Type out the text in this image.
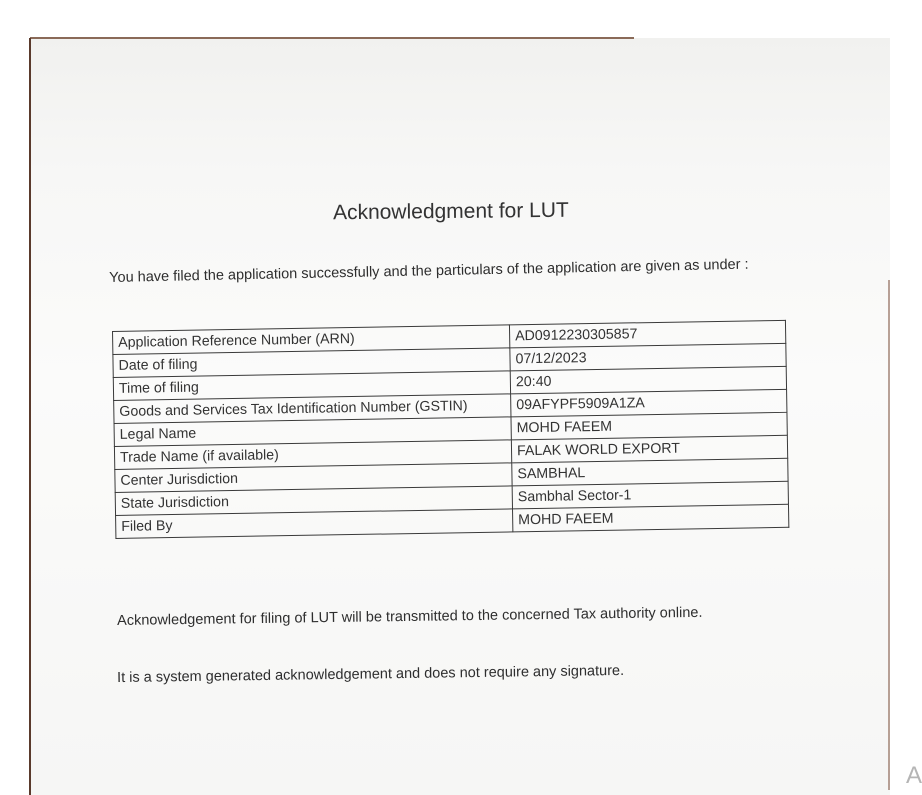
Acknowledgment for LUT
You have filed the application successfully and the particulars of the application are given as under :
Application Reference Number (ARN)	AD0912230305857
Date of filing	07/12/2023
Time of filing	20:40
Goods and Services Tax Identification Number (GSTIN)	09AFYPF5909A1ZA
Legal Name	MOHD FAEEM
Trade Name (if available)	FALAK WORLD EXPORT
Center Jurisdiction	SAMBHAL
State Jurisdiction	Sambhal Sector-1
Filed By	MOHD FAEEM
Acknowledgement for filing of LUT will be transmitted to the concerned Tax authority online.
It is a system generated acknowledgement and does not require any signature.
A
